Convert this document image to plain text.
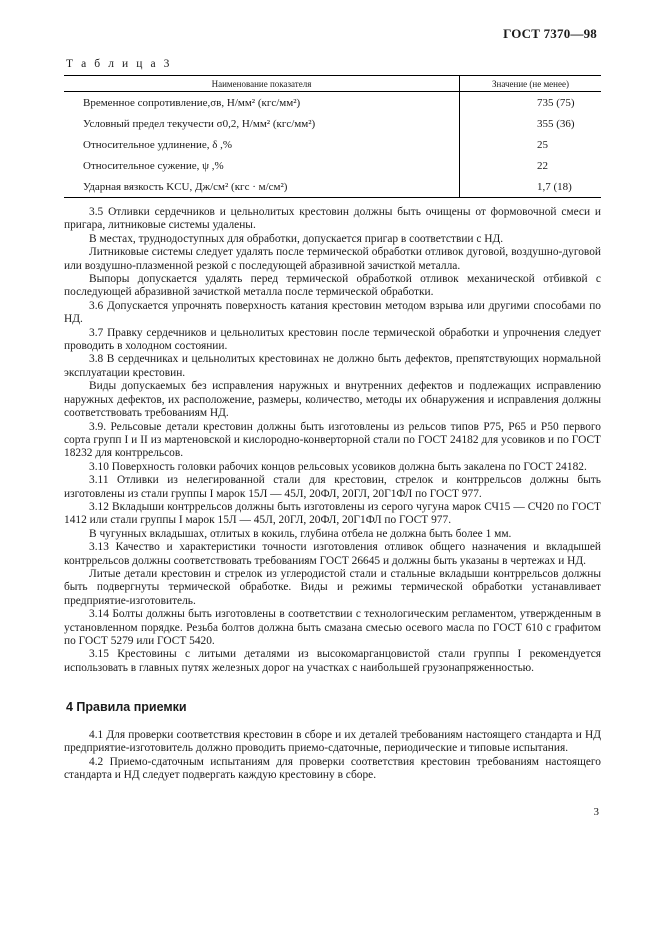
ГОСТ 7370—98
Т а б л и ц а 3
Наименование показателя	Значение (не менее)
Временное сопротивление,σв, Н/мм² (кгс/мм²)	735 (75)
Условный предел текучести σ0,2, Н/мм² (кгс/мм²)	355 (36)
Относительное удлинение, δ ,%	25
Относительное сужение, ψ ,%	22
Ударная вязкость KCU, Дж/см² (кгс · м/см²)	1,7 (18)

3.5 Отливки сердечников и цельнолитых крестовин должны быть очищены от формовочной смеси и пригара, литниковые системы удалены.

В местах, труднодоступных для обработки, допускается пригар в соответствии с НД.

Литниковые системы следует удалять после термической обработки отливок дуговой, воздушно-дуговой или воздушно-плазменной резкой с последующей абразивной зачисткой металла.

Выпоры допускается удалять перед термической обработкой отливок механической отбивкой с последующей абразивной зачисткой металла после термической обработки.

3.6 Допускается упрочнять поверхность катания крестовин методом взрыва или другими способами по НД.

3.7 Правку сердечников и цельнолитых крестовин после термической обработки и упрочнения следует проводить в холодном состоянии.

3.8 В сердечниках и цельнолитых крестовинах не должно быть дефектов, препятствующих нормальной эксплуатации крестовин.

Виды допускаемых без исправления наружных и внутренних дефектов и подлежащих исправлению наружных дефектов, их расположение, размеры, количество, методы их обнаружения и исправления должны соответствовать требованиям НД.

3.9. Рельсовые детали крестовин должны быть изготовлены из рельсов типов Р75, Р65 и Р50 первого сорта групп I и II из мартеновской и кислородно-конверторной стали по ГОСТ 24182 для усовиков и по ГОСТ 18232 для контррельсов.

3.10 Поверхность головки рабочих концов рельсовых усовиков должна быть закалена по ГОСТ 24182.

3.11 Отливки из нелегированной стали для крестовин, стрелок и контррельсов должны быть изготовлены из стали группы I марок 15Л — 45Л, 20ФЛ, 20ГЛ, 20Г1ФЛ по ГОСТ 977.

3.12 Вкладыши контррельсов должны быть изготовлены из серого чугуна марок СЧ15 — СЧ20 по ГОСТ 1412 или стали группы I марок 15Л — 45Л, 20ГЛ, 20ФЛ, 20Г1ФЛ по ГОСТ 977.

В чугунных вкладышах, отлитых в кокиль, глубина отбела не должна быть более 1 мм.

3.13 Качество и характеристики точности изготовления отливок общего назначения и вкладышей контррельсов должны соответствовать требованиям ГОСТ 26645 и должны быть указаны в чертежах и НД.

Литые детали крестовин и стрелок из углеродистой стали и стальные вкладыши контррельсов должны быть подвергнуты термической обработке. Виды и режимы термической обработки устанавливает предприятие-изготовитель.

3.14 Болты должны быть изготовлены в соответствии с технологическим регламентом, утвержденным в установленном порядке. Резьба болтов должна быть смазана смесью осевого масла по ГОСТ 610 с графитом по ГОСТ 5279 или ГОСТ 5420.

3.15 Крестовины с литыми деталями из высокомарганцовистой стали группы I рекомендуется использовать в главных путях железных дорог на участках с наибольшей грузонапряженностью.

4 Правила приемки

4.1 Для проверки соответствия крестовин в сборе и их деталей требованиям настоящего стандарта и НД предприятие-изготовитель должно проводить приемо-сдаточные, периодические и типовые испытания.

4.2 Приемо-сдаточным испытаниям для проверки соответствия крестовин требованиям настоящего стандарта и НД следует подвергать каждую крестовину в сборе.

3
